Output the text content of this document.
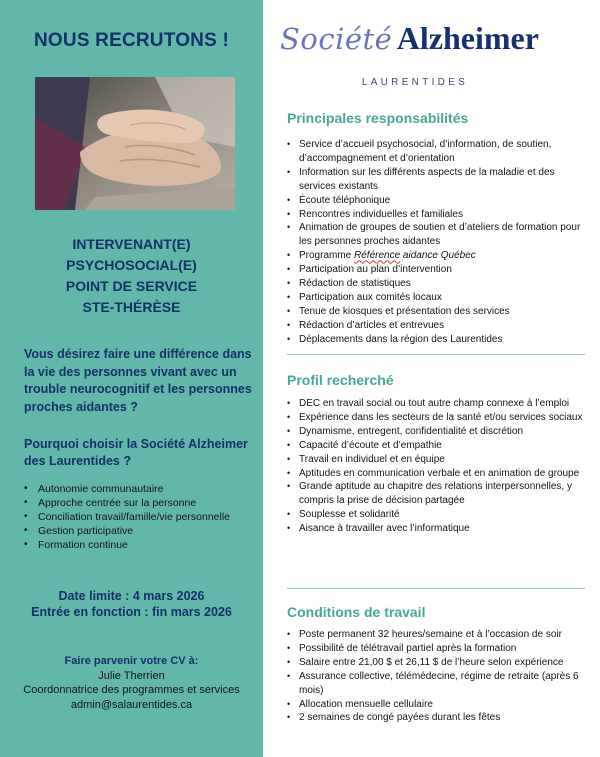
NOUS RECRUTONS !
INTERVENANT(E)
PSYCHOSOCIAL(E)
POINT DE SERVICE
STE-THÉRÈSE
Vous désirez faire une différence dans la vie des personnes vivant avec un trouble neurocognitif et les personnes proches aidantes ?
Pourquoi choisir la Société Alzheimer des Laurentides ?
• Autonomie communautaire
• Approche centrée sur la personne
• Conciliation travail/famille/vie personnelle
• Gestion participative
• Formation continue
Date limite : 4 mars 2026
Entrée en fonction : fin mars 2026
Faire parvenir votre CV à:
Julie Therrien
Coordonnatrice des programmes et services
admin@salaurentides.ca
Société Alzheimer
LAURENTIDES
Principales responsabilités
• Service d’accueil psychosocial, d’information, de soutien, d’accompagnement et d’orientation
• Information sur les différents aspects de la maladie et des services existants
• Écoute téléphonique
• Rencontres individuelles et familiales
• Animation de groupes de soutien et d’ateliers de formation pour les personnes proches aidantes
• Programme Référence aidance Québec
• Participation au plan d’intervention
• Rédaction de statistiques
• Participation aux comités locaux
• Tenue de kiosques et présentation des services
• Rédaction d’articles et entrevues
• Déplacements dans la région des Laurentides
Profil recherché
• DEC en travail social ou tout autre champ connexe à l’emploi
• Expérience dans les secteurs de la santé et/ou services sociaux
• Dynamisme, entregent, confidentialité et discrétion
• Capacité d’écoute et d’empathie
• Travail en individuel et en équipe
• Aptitudes en communication verbale et en animation de groupe
• Grande aptitude au chapitre des relations interpersonnelles, y compris la prise de décision partagée
• Souplesse et solidarité
• Aisance à travailler avec l’informatique
Conditions de travail
• Poste permanent 32 heures/semaine et à l’occasion de soir
• Possibilité de télétravail partiel après la formation
• Salaire entre 21,00 $ et 26,11 $ de l’heure selon expérience
• Assurance collective, télémédecine, régime de retraite (après 6 mois)
• Allocation mensuelle cellulaire
• 2 semaines de congé payées durant les fêtes
